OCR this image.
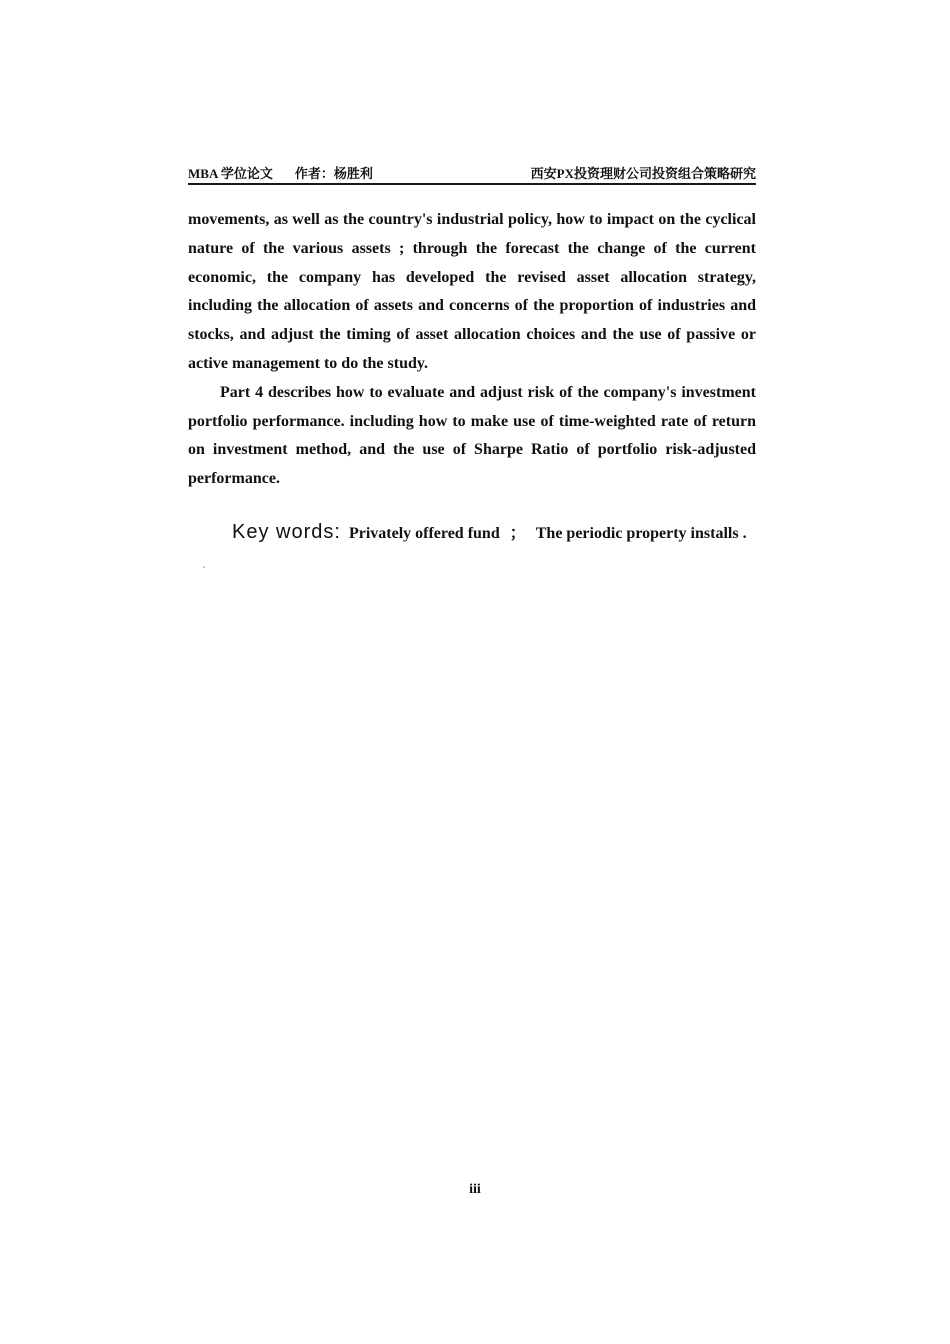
MBA 学位论文 作者：杨胜利	西安PX投资理财公司投资组合策略研究

movements, as well as the country's industrial policy, how to impact on the cyclical nature of the various assets ; through the forecast the change of the current economic, the company has developed the revised asset allocation strategy, including the allocation of assets and concerns of the proportion of industries and stocks, and adjust the timing of asset allocation choices and the use of passive or active management to do the study.

Part 4 describes how to evaluate and adjust risk of the company's investment portfolio performance. including how to make use of time-weighted rate of return on investment method, and the use of Sharpe Ratio of portfolio risk-adjusted performance.

Key words: Privately offered fund ； The periodic property installs .
iii
